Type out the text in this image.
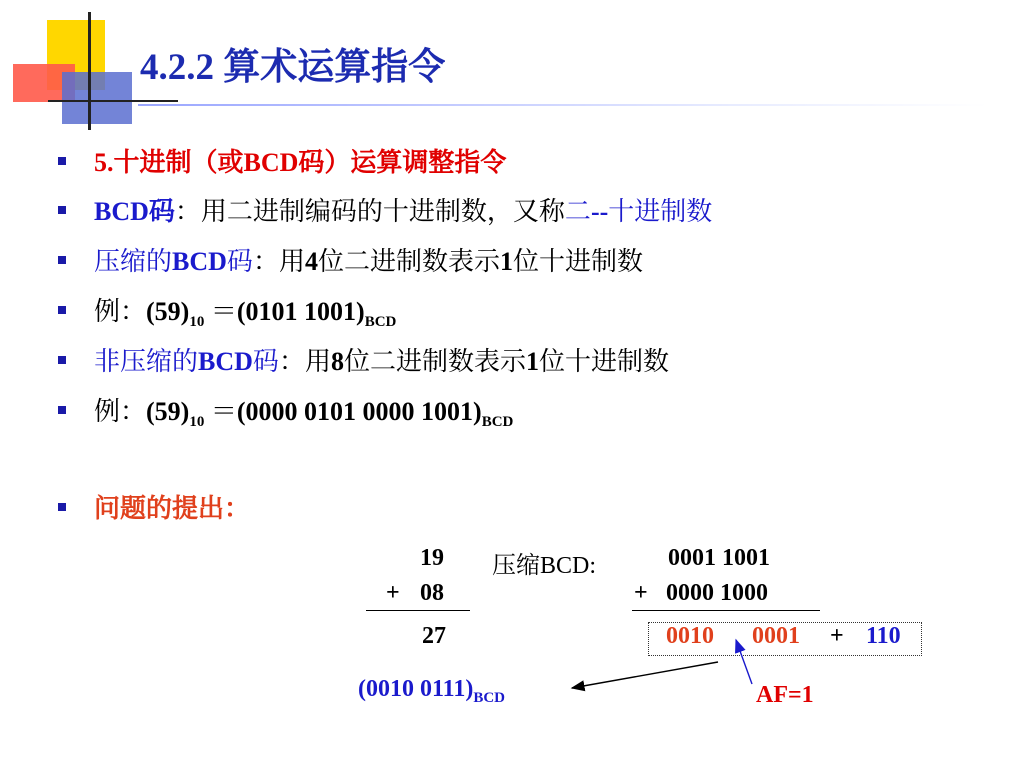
4.2.2 算术运算指令
5.十进制（或BCD码）运算调整指令
BCD码：用二进制编码的十进制数，又称二--十进制数
压缩的BCD码：用4位二进制数表示1位十进制数
例：$(59)_{10} =(0101$ $1001)_{BCD}$
非压缩的BCD码：用8位二进制数表示1位十进制数
例：$(59)_{10} =(0000$ 0101 0000 $1001)_{BCD}$
问题的提出：
19
+ 08
27
压缩BCD:	0001 1001
+ 0000 1000
0010 0001 + 110
(0010 $0111)_{BCD}$	AF=1
